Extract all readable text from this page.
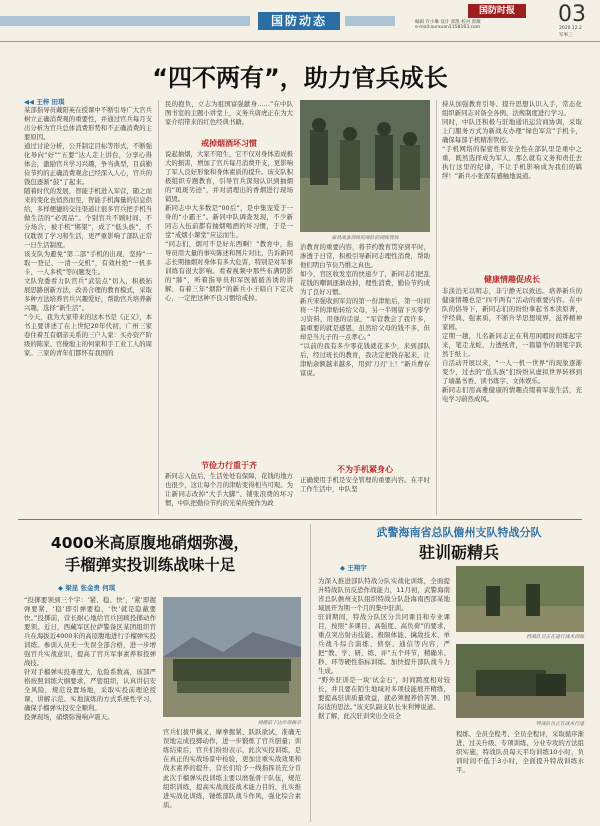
国防动态
国防时报
编辑 许小琳 设计 郑凯 校对 郭薇
e-mail:ourxuan1158163.com
03
2020.12.2
军事三
“四不两有”，助力官兵成长
◀◀ 王梓 田琪
某部指导员戴阳英在授课中不断引导广大官兵树立正确消费观的重要性，并通过官兵每月支出分析为官兵总体消费形势和不正确消费的主要原因。
通过讨论分析，公开制定目标等形式，不断强化导向“好”“五要”达人走上讲台，分享心得体会，激励官兵学习兴趣，争当典型，目前勤俭节约的正确消费观念已经深入人心，官兵的钱包逐渐“鼓”了起来。
随着时代的发展，智能手机进入军营，随之而来的变化也悄然而至，智能手机海量的信息供给，多样便捷的交往渠道让很多官兵把手机当做生活的“必需品”。个别官兵不顾时间、不分场合，被手机“绑架”，成了“低头族”，不仅耽误了学习和生活，更严重影响了部队正常一日生活制度。
该支队为避免“第二部”手机的出现，坚持“一取一登记、一清一交机”，有效杜绝“一机多卡、一人多机”等问题发生。
文队党委看力队官兵“武装点”切入，积极拓展思路创新方法，改善合理的教育模式，采取多种方法培养官兵兴趣爱好，帮助官兵培养新兴趣，选择“新生活”。
“今天，我为大家带来的这本书是《正义》，本书主要讲述了在上世纪20年代初，广州三家卷住着互有姻亲关系的三户人家：买办资产阶级的陈家、官僚地主的何家和手工业工人的周家。三家的青年们都怀有我国的
民的抱负，立志为祖国富强献身……”在中队图书室的主题小讲堂上，义务兵唐虎正在为大家介绍带来的红色经典书籍。
戒掉烟酒坏习惯
说起抽烟，大家不陌生，它不仅对身体造成极大的损害，增加了官兵每月消费开支，更影响了军人良好形象和身体素质的提升。该支队积极组织专题教育，引导官兵深刻认识到抽烟的“斑斑劣迹”，并对清理出的香烟进行现场销毁。
新同志中大多数是“00后”，是中集宠爱于一身的“小霸王”。新同中队调查发现，不少新同志入伍前都有抽烟喝酒的坏习惯，于是一堂“戒烟小课堂”应运而生。
“同志们，烟可不是好东西啊！”教育中，指导员用大量的事实陈述和图片对比，告诉新同志长期抽烟对身体有多大危害，特别是对军事训练有很大影响。看着视频中那些布满阴影的“肺”，听着指导员和军医循循善诱的讲解，有着三年“烟龄”的新兵小王暗自下定决心，一定把这种不良习惯给戒掉。
节俭力行重于齐
新同志入伍后，生活处处有保障，花钱的地方也很少，这让每个月的津贴变得相当可观。为让新同志改掉“大手大脚”、铺张浪费的坏习惯，中队把勤俭节约的光荣传统作为政
南昌战备训练的部队的训练现场
治教育的重要内容，将节约教育贯穿到平时，渗透于日常，积极引导新同志理性消费，帮助他们明白节俭乃维之真也。
如今，官区收发室的快递少了，新同志们把乱花钱的嘲讽逐渐改掉，理性消费，勤俭节约成为了良好习惯。
新兵宋强收到军营的第一份津贴后，第一时间将一半的津贴转给父母，另一半则留下买零学习资料，用他的话说，“军营教会了我许多，最重要的就是感恩，虽然给父母的钱不多，但却是当儿子的一点孝心。”
“以前的我有多少零花钱就花多少，来到部队后，经过班长的教育，我决定把钱存起来，让津贴余额越来越多，用到‘刀刃’上！”新兵曹存富说。
不为手机紧身心
正确使用手机是安全管理的重要内容。在平时工作生活中，中队坚
持从加强教育引导、提升思想认识入手，常态化组织新同志对备全各例、法规制度进行学习。
同时，中队还积极与驻地通讯运营商协调，采取上门服务方式为新战友办理“绿色军营”手机卡，确保每部手机精准管控。
“手机网络的保密性和安全性在部队里是重中之重，既然选择成为军人，那么就有义务和责任去执行这里的纪律，不让手机影响成为我们的羁绊！”新兵小张深有感触地说道。
健康情趣促成长
非淡泊无以明志，非宁静无以致远。培养新兵的健康情趣也是“四不两有”活动的重要内容。在中队的倡导下，新同志们的纷纷拿起书本读原著，学经典、强素质，不断升华思想境界，滋养精神家园。
定期一趟，儿名新同志正在利用闲暇时间练起字来，笔走龙蛇，力透纸背，一篇篇争的钢笔字跃然于纸上。
自活动开展以来，“一人一机一世界”的现象逐渐变少，过去的“低头族”们纷纷从虚拟世界转移到了墙墨书香、读书练字、文体娱乐。
新同志们用高雅健康的情趣点缀着军旅生活，充电学习蔚然成风。
4000米高原腹地硝烟弥漫，
手榴弹实投训练战味十足
◆ 梁昆 张金贵 何琪
“投掷要领到三个字：‘紧、稳、快’，‘紧’即握弹要紧，‘稳’即引弹要稳，‘快’就是隐蔽要快。”投掷前，营长耐心地给官兵回顾投掷动作要领。近日，西藏军区拉萨警备区某团组织官兵在海拔近4000米的高原腹地进行手榴弹实投训练。参训人员无一失误全部合格，进一步增强官兵实战意识，提高了官兵军事素养和投弹战技。
针对手榴弹实投难度大，危险系数高，该部严格按照训练大纲要求，严密组织，认真讲信安全风险，规范设置场地，采取实投前理论授课、讲解示范、实地演练的方式系统性学习，确保手榴弹实投安全顺利。
投弹现场，硝烟弥漫响声震天。
投掷前下达作训指示
官兵们拔甲摘叉、摩拳握紧、跃跃欲试，准确无误地完成投掷动作，进一步锻炼了官兵胆量；训练结束后，官兵们纷纷表示，此次实投训练，是在真正的实战场景中检验，更加注重实战效果和战术素养的提升，营长们给予一线指挥员充分肯
此次手榴弹实投训练主要以磨强骨干队伍，规范组织训练，提高实战战技战术能力目的，扎实推进实战化训练，锤炼部队战斗作风，强化综合素质。
武警海南省总队儋州支队特战分队
驻训砺精兵
◆ 王翔宇
为深入推进部队特战分队实战化训练，全面提升特战队员反恐作战能力，11月初，武警海南省总队儋州支队组织特战分队赴海南西部某地域展开为期一个月的集中驻训。
驻训期间，特战分队区分共同课目和专业课目，按照“多课目、高强度、高负荷”的要求，重点突出射击技能、极限体能、擒敌技术、单兵战斗综合演练、侦察、通信等内容，严把“教、学、研、练、评”五个环节，精确米、秒、环等硬性指标训练。加快提升部队战斗力生成。
“野外驻训是一块‘试金石’，时间跨度相对较长，并且要在陌生地域对多项技能展开精练，要提高驻训质量效益，就必须握养恰苦署、国际适的思法。”该支队副支队长朱利博说道。
据了解，此次驻训突出全员全
特战队员正在进行战术训练
特战队员正在战术行进
程练、全员全程考、全员全程评，采取循序渐进、过关升级、专项训练、分业专攻的方法组织实施，特战队员每天平均训练10小时，负训时间不低于3小时，全面提升特战训练水平。
